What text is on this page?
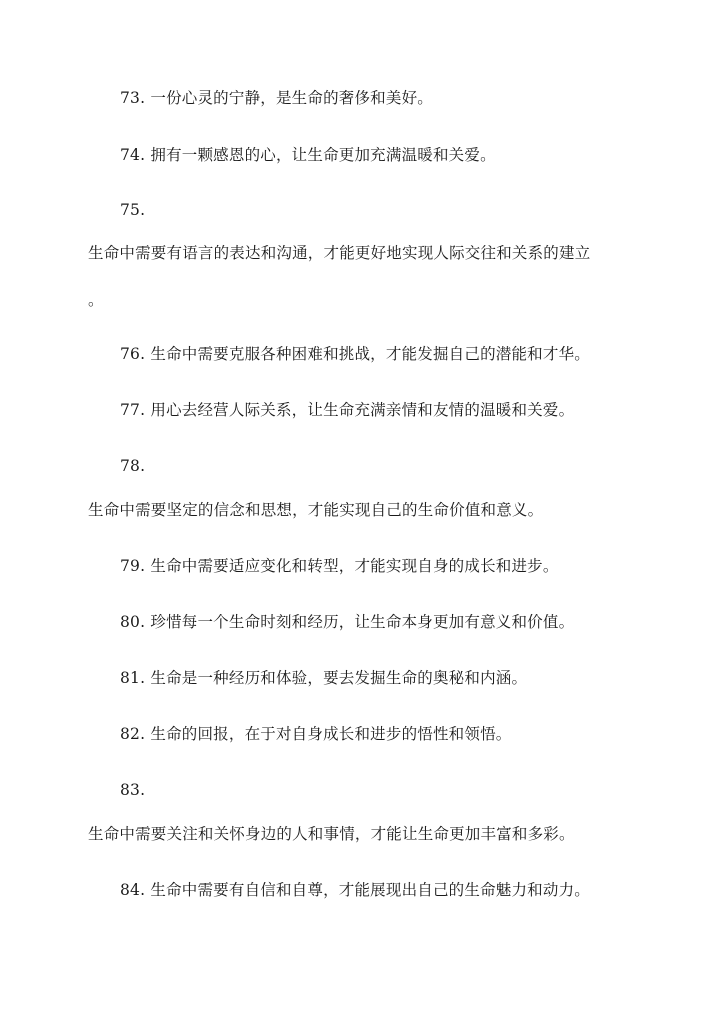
73. 一份心灵的宁静，是生命的奢侈和美好。
74. 拥有一颗感恩的心，让生命更加充满温暖和关爱。
75.
生命中需要有语言的表达和沟通，才能更好地实现人际交往和关系的建立
。
76. 生命中需要克服各种困难和挑战，才能发掘自己的潜能和才华。
77. 用心去经营人际关系，让生命充满亲情和友情的温暖和关爱。
78.
生命中需要坚定的信念和思想，才能实现自己的生命价值和意义。
79. 生命中需要适应变化和转型，才能实现自身的成长和进步。
80. 珍惜每一个生命时刻和经历，让生命本身更加有意义和价值。
81. 生命是一种经历和体验，要去发掘生命的奥秘和内涵。
82. 生命的回报，在于对自身成长和进步的悟性和领悟。
83.
生命中需要关注和关怀身边的人和事情，才能让生命更加丰富和多彩。
84. 生命中需要有自信和自尊，才能展现出自己的生命魅力和动力。
